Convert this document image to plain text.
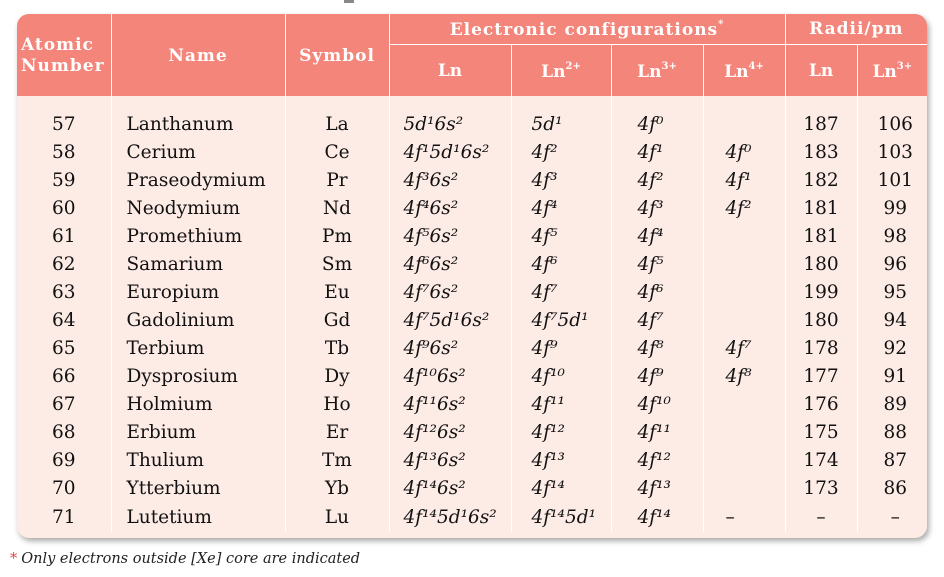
Atomic Number	Name	Symbol	Electronic configurations*				Radii/pm	
			Ln	$Ln^{2+}$	$Ln^{3+}$	$Ln^{4+}$	Ln	$Ln^{3+}$

57	Lanthanum	La	5d¹6s²	5d¹	4f⁰		187	106
58	Cerium	Ce	4f¹5d¹6s²	4f²	4f¹	4f⁰	183	103
59	Praseodymium	Pr	4f³6s²	4f³	4f²	4f¹	182	101
60	Neodymium	Nd	4f⁴6s²	4f⁴	4f³	4f²	181	99
61	Promethium	Pm	4f⁵6s²	4f⁵	4f⁴		181	98
62	Samarium	Sm	4f⁶6s²	4f⁶	4f⁵		180	96
63	Europium	Eu	4f⁷6s²	4f⁷	4f⁶		199	95
64	Gadolinium	Gd	4f⁷5d¹6s²	4f⁷5d¹	4f⁷		180	94
65	Terbium	Tb	4f⁹6s²	4f⁹	4f⁸	4f⁷	178	92
66	Dysprosium	Dy	4f¹⁰6s²	4f¹⁰	4f⁹	4f⁸	177	91
67	Holmium	Ho	4f¹¹6s²	4f¹¹	4f¹⁰		176	89
68	Erbium	Er	4f¹²6s²	4f¹²	4f¹¹		175	88
69	Thulium	Tm	4f¹³6s²	4f¹³	4f¹²		174	87
70	Ytterbium	Yb	4f¹⁴6s²	4f¹⁴	4f¹³		173	86
71	Lutetium	Lu	4f¹⁴5d¹6s²	4f¹⁴5d¹	4f¹⁴	–	–	–
* Only electrons outside [Xe] core are indicated
